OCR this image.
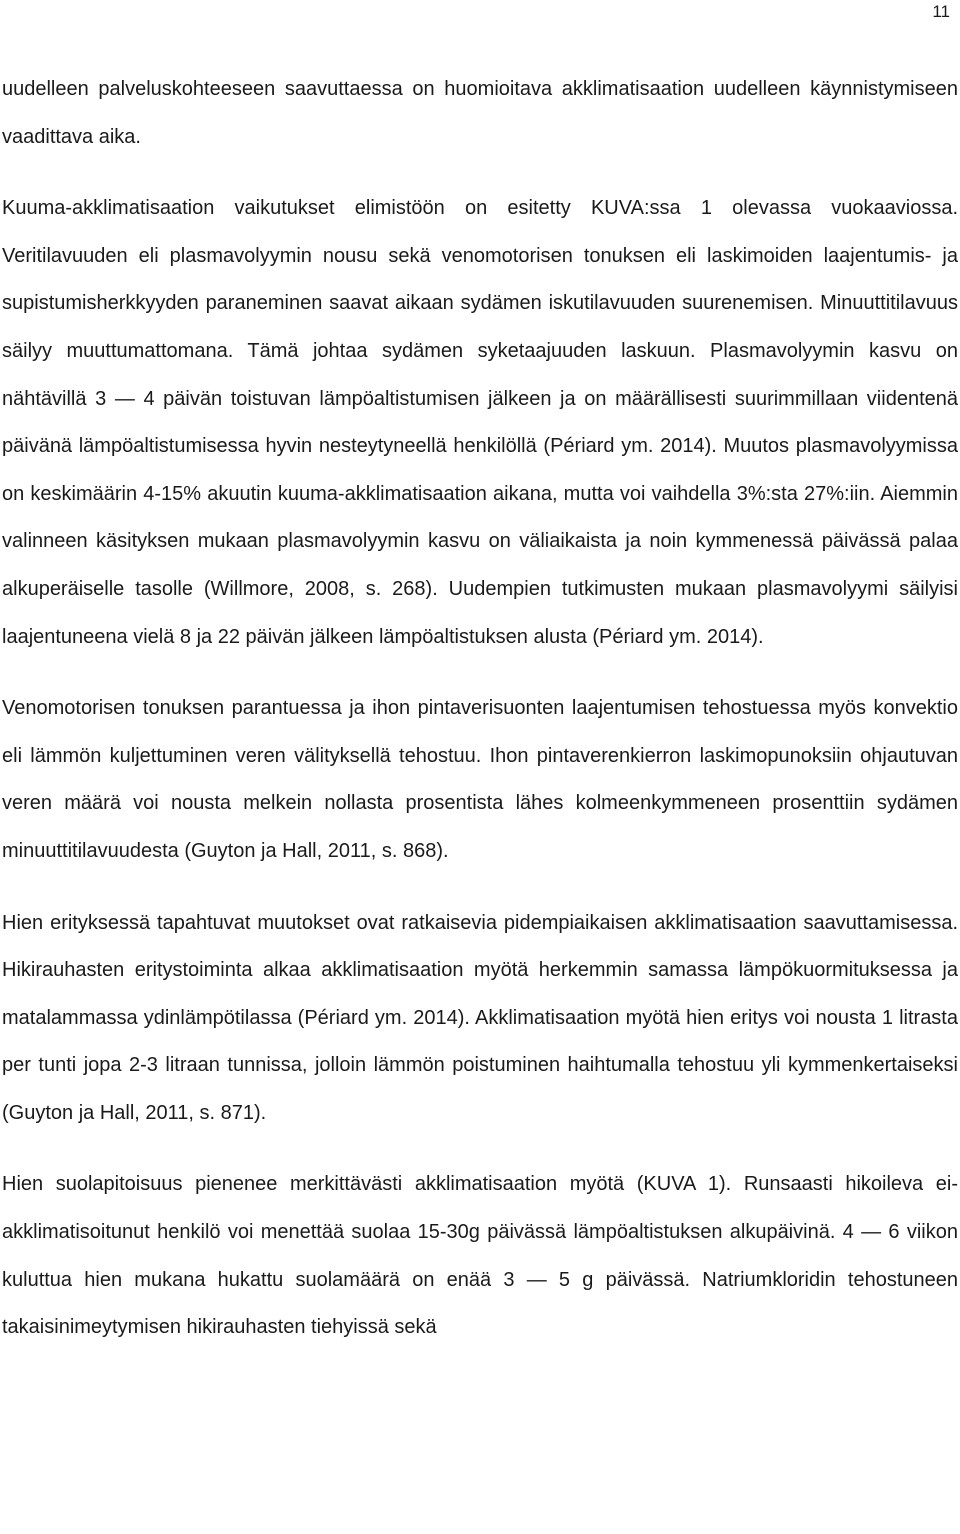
11

uudelleen palveluskohteeseen saavuttaessa on huomioitava akklimatisaation uudelleen käynnistymiseen vaadittava aika.

Kuuma-akklimatisaation vaikutukset elimistöön on esitetty KUVA:ssa 1 olevassa vuokaaviossa. Veritilavuuden eli plasmavolyymin nousu sekä venomotorisen tonuksen eli laskimoiden laajentumis- ja supistumisherkkyyden paraneminen saavat aikaan sydämen iskutilavuuden suurenemisen. Minuuttitilavuus säilyy muuttumattomana. Tämä johtaa sydämen syketaajuuden laskuun. Plasmavolyymin kasvu on nähtävillä 3 — 4 päivän toistuvan lämpöaltistumisen jälkeen ja on määrällisesti suurimmillaan viidentenä päivänä lämpöaltistumisessa hyvin nesteytyneellä henkilöllä (Périard ym. 2014). Muutos plasmavolyymissa on keskimäärin 4-15% akuutin kuuma-akklimatisaation aikana, mutta voi vaihdella 3%:sta 27%:iin. Aiemmin valinneen käsityksen mukaan plasmavolyymin kasvu on väliaikaista ja noin kymmenessä päivässä palaa alkuperäiselle tasolle (Willmore, 2008, s. 268). Uudempien tutkimusten mukaan plasmavolyymi säilyisi laajentuneena vielä 8 ja 22 päivän jälkeen lämpöaltistuksen alusta (Périard ym. 2014).

Venomotorisen tonuksen parantuessa ja ihon pintaverisuonten laajentumisen tehostuessa myös konvektio eli lämmön kuljettuminen veren välityksellä tehostuu. Ihon pintaverenkierron laskimopunoksiin ohjautuvan veren määrä voi nousta melkein nollasta prosentista lähes kolmeenkymmeneen prosenttiin sydämen minuuttitilavuudesta (Guyton ja Hall, 2011, s. 868).

Hien erityksessä tapahtuvat muutokset ovat ratkaisevia pidempiaikaisen akklimatisaation saavuttamisessa. Hikirauhasten eritystoiminta alkaa akklimatisaation myötä herkemmin samassa lämpökuormituksessa ja matalammassa ydinlämpötilassa (Périard ym. 2014). Akklimatisaation myötä hien eritys voi nousta 1 litrasta per tunti jopa 2-3 litraan tunnissa, jolloin lämmön poistuminen haihtumalla tehostuu yli kymmenkertaiseksi (Guyton ja Hall, 2011, s. 871).

Hien suolapitoisuus pienenee merkittävästi akklimatisaation myötä (KUVA 1). Runsaasti hikoileva ei-akklimatisoitunut henkilö voi menettää suolaa 15-30g päivässä lämpöaltistuksen alkupäivinä. 4 — 6 viikon kuluttua hien mukana hukattu suolamäärä on enää 3 — 5 g päivässä. Natriumkloridin tehostuneen takaisinimeytymisen hikirauhasten tiehyissä sekä
